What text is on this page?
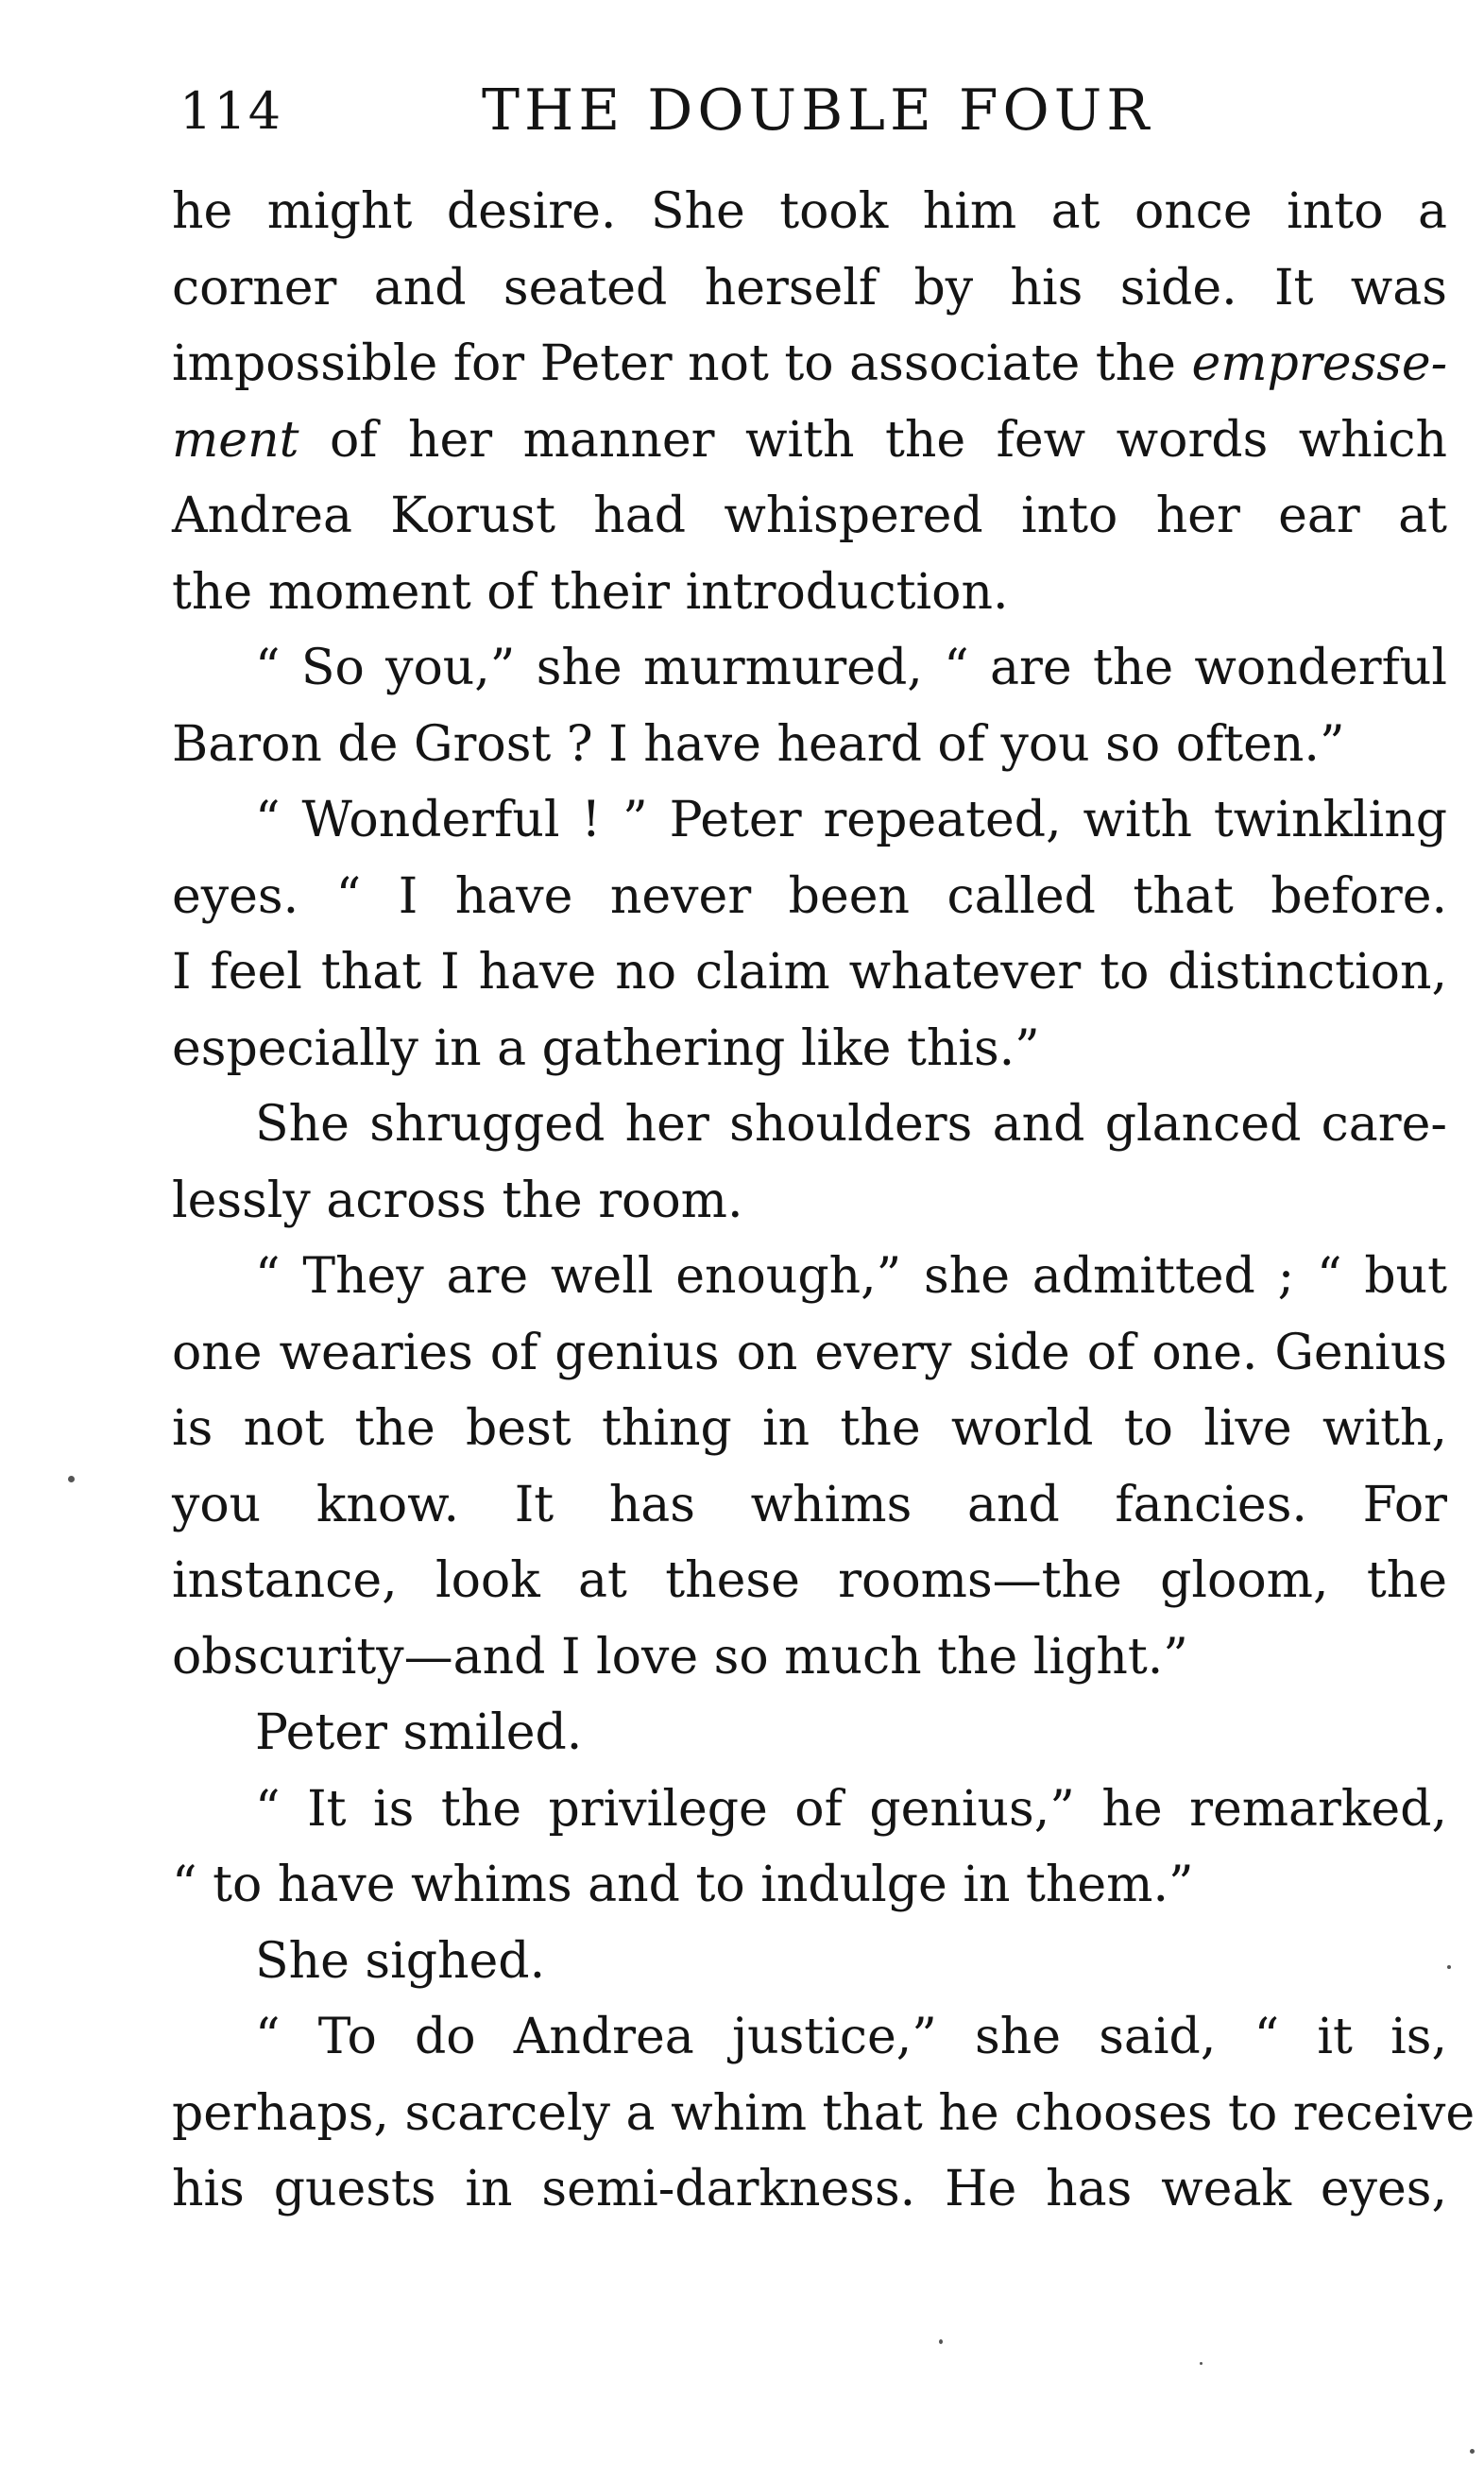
114	THE DOUBLE FOUR
he might desire. She took him at once into a
corner and seated herself by his side. It was
impossible for Peter not to associate the empresse-
ment of her manner with the few words which
Andrea Korust had whispered into her ear at
the moment of their introduction.
“ So you,” she murmured, “ are the wonderful
Baron de Grost ? I have heard of you so often.”
“ Wonderful ! ” Peter repeated, with twinkling
eyes. “ I have never been called that before.
I feel that I have no claim whatever to distinction,
especially in a gathering like this.”
She shrugged her shoulders and glanced care-
lessly across the room.
“ They are well enough,” she admitted ; “ but
one wearies of genius on every side of one. Genius
is not the best thing in the world to live with,
you know. It has whims and fancies. For
instance, look at these rooms—the gloom, the
obscurity—and I love so much the light.”
Peter smiled.
“ It is the privilege of genius,” he remarked,
“ to have whims and to indulge in them.”
She sighed.
“ To do Andrea justice,” she said, “ it is,
perhaps, scarcely a whim that he chooses to receive
his guests in semi-darkness. He has weak eyes,
